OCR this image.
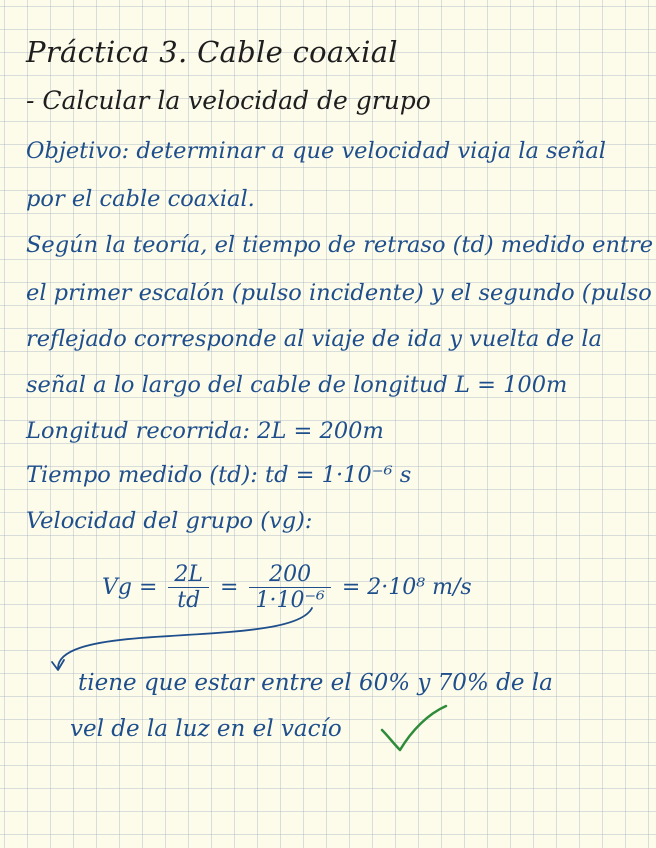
Práctica 3. Cable coaxial
- Calcular la velocidad de grupo
Objetivo: determinar a que velocidad viaja la señal
por el cable coaxial.
Según la teoría, el tiempo de retraso (td) medido entre
el primer escalón (pulso incidente) y el segundo (pulso
reflejado corresponde al viaje de ida y vuelta de la
señal a lo largo del cable de longitud L = 100m
Longitud recorrida: 2L = 200m
Tiempo medido (td): td = 1·10⁻⁶ s
Velocidad del grupo (vg):
$Vg = \frac{2L}{td} = \frac{200}{\text{1·10⁻⁶}} = 2\cdot 10^8$ m/s
tiene que estar entre el 60% y 70% de la
vel de la luz en el vacío
